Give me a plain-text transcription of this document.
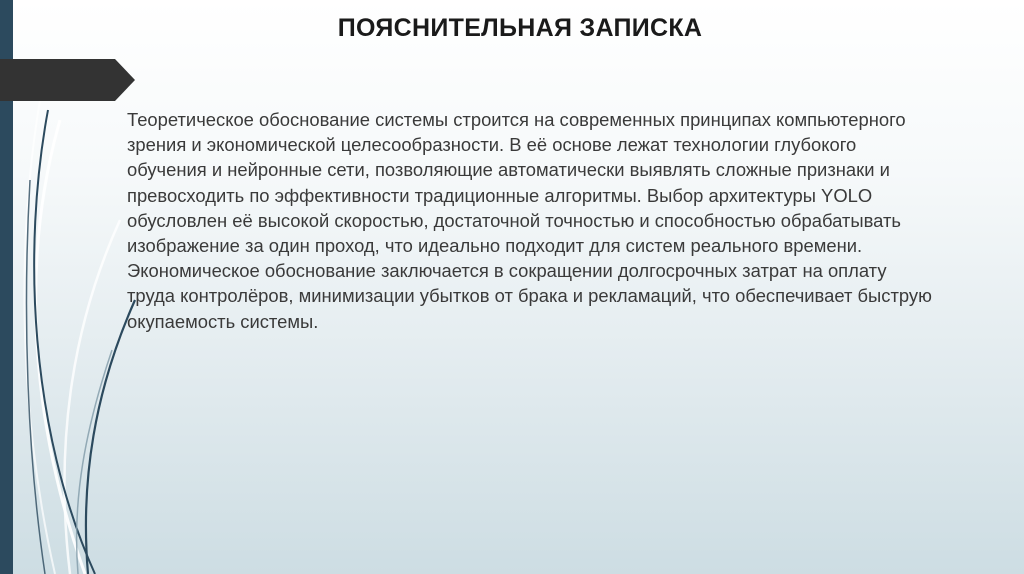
ПОЯСНИТЕЛЬНАЯ ЗАПИСКА

Теоретическое обоснование системы строится на современных принципах компьютерного зрения и экономической целесообразности. В её основе лежат технологии глубокого обучения и нейронные сети, позволяющие автоматически выявлять сложные признаки и превосходить по эффективности традиционные алгоритмы. Выбор архитектуры YOLO обусловлен её высокой скоростью, достаточной точностью и способностью обрабатывать изображение за один проход, что идеально подходит для систем реального времени. Экономическое обоснование заключается в сокращении долгосрочных затрат на оплату труда контролёров, минимизации убытков от брака и рекламаций, что обеспечивает быструю окупаемость системы.
